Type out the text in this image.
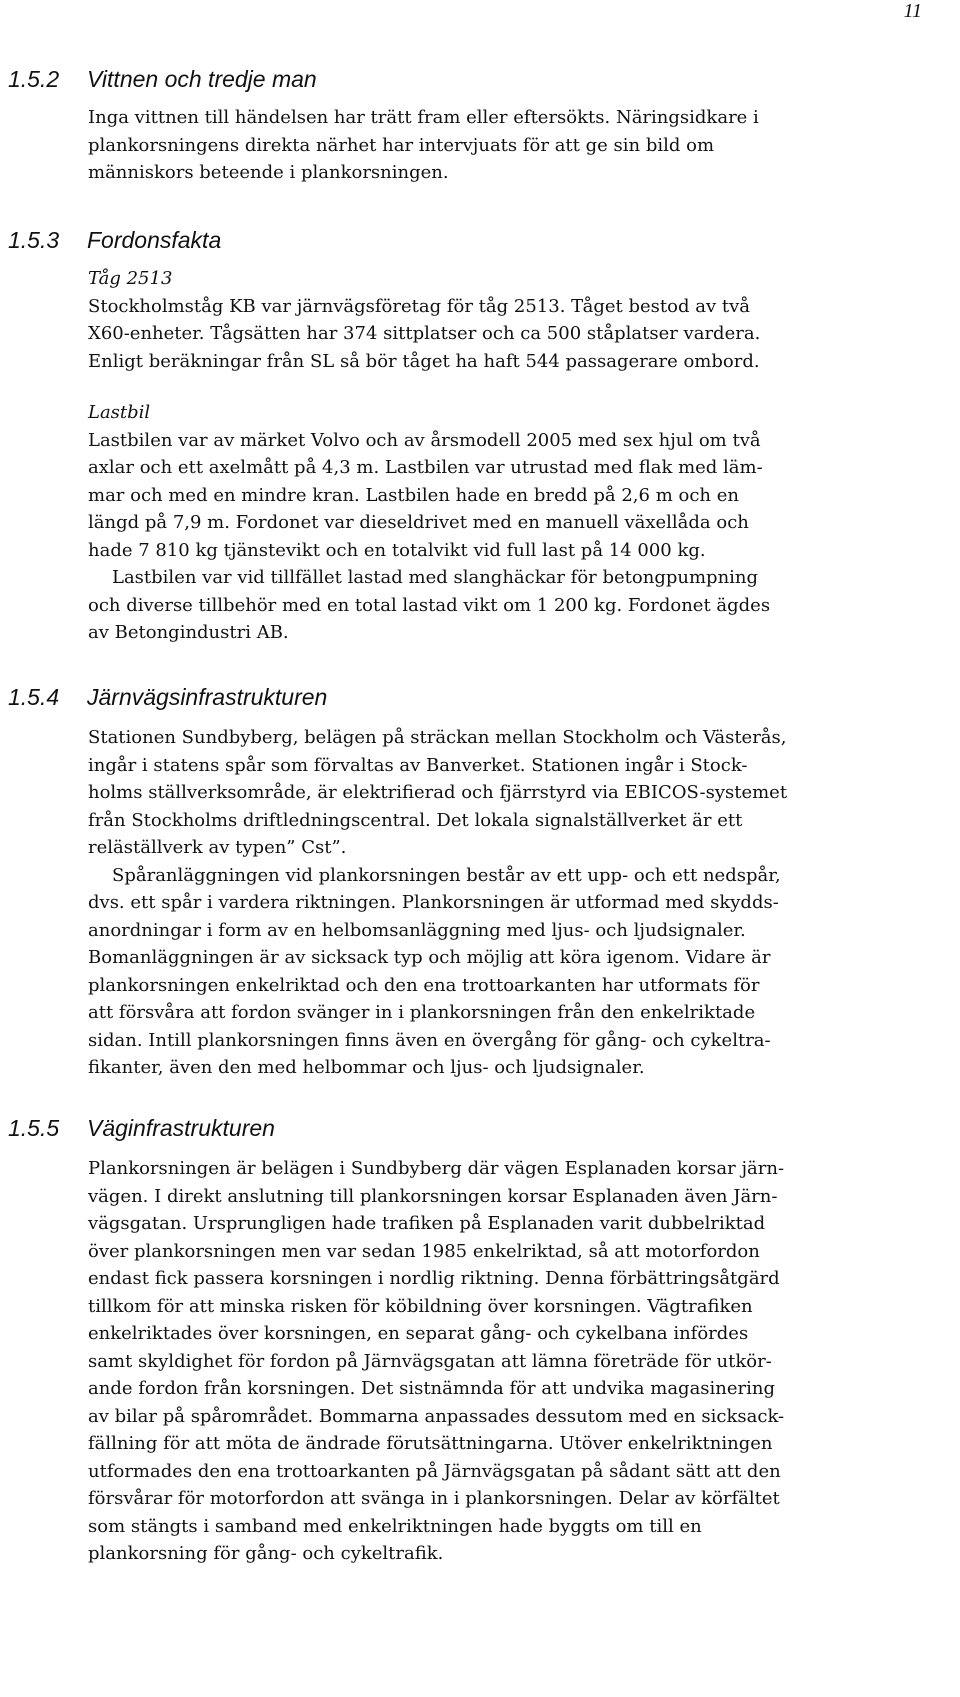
11
1.5.2 Vittnen och tredje man
Inga vittnen till händelsen har trätt fram eller eftersökts. Näringsidkare i
plankorsningens direkta närhet har intervjuats för att ge sin bild om
människors beteende i plankorsningen.
1.5.3 Fordonsfakta
Tåg 2513
Stockholmståg KB var järnvägsföretag för tåg 2513. Tåget bestod av två
X60-enheter. Tågsätten har 374 sittplatser och ca 500 ståplatser vardera.
Enligt beräkningar från SL så bör tåget ha haft 544 passagerare ombord.
Lastbil
Lastbilen var av märket Volvo och av årsmodell 2005 med sex hjul om två
axlar och ett axelmått på 4,3 m. Lastbilen var utrustad med flak med läm-
mar och med en mindre kran. Lastbilen hade en bredd på 2,6 m och en
längd på 7,9 m. Fordonet var dieseldrivet med en manuell växellåda och
hade 7 810 kg tjänstevikt och en totalvikt vid full last på 14 000 kg.
Lastbilen var vid tillfället lastad med slanghäckar för betongpumpning
och diverse tillbehör med en total lastad vikt om 1 200 kg. Fordonet ägdes
av Betongindustri AB.
1.5.4 Järnvägsinfrastrukturen
Stationen Sundbyberg, belägen på sträckan mellan Stockholm och Västerås,
ingår i statens spår som förvaltas av Banverket. Stationen ingår i Stock-
holms ställverksområde, är elektrifierad och fjärrstyrd via EBICOS-systemet
från Stockholms driftledningscentral. Det lokala signalställverket är ett
reläställverk av typen” Cst”.
Spåranläggningen vid plankorsningen består av ett upp- och ett nedspår,
dvs. ett spår i vardera riktningen. Plankorsningen är utformad med skydds-
anordningar i form av en helbomsanläggning med ljus- och ljudsignaler.
Bomanläggningen är av sicksack typ och möjlig att köra igenom. Vidare är
plankorsningen enkelriktad och den ena trottoarkanten har utformats för
att försvåra att fordon svänger in i plankorsningen från den enkelriktade
sidan. Intill plankorsningen finns även en övergång för gång- och cykeltra-
fikanter, även den med helbommar och ljus- och ljudsignaler.
1.5.5 Väginfrastrukturen
Plankorsningen är belägen i Sundbyberg där vägen Esplanaden korsar järn-
vägen. I direkt anslutning till plankorsningen korsar Esplanaden även Järn-
vägsgatan. Ursprungligen hade trafiken på Esplanaden varit dubbelriktad
över plankorsningen men var sedan 1985 enkelriktad, så att motorfordon
endast fick passera korsningen i nordlig riktning. Denna förbättringsåtgärd
tillkom för att minska risken för köbildning över korsningen. Vägtrafiken
enkelriktades över korsningen, en separat gång- och cykelbana infördes
samt skyldighet för fordon på Järnvägsgatan att lämna företräde för utkör-
ande fordon från korsningen. Det sistnämnda för att undvika magasinering
av bilar på spårområdet. Bommarna anpassades dessutom med en sicksack-
fällning för att möta de ändrade förutsättningarna. Utöver enkelriktningen
utformades den ena trottoarkanten på Järnvägsgatan på sådant sätt att den
försvårar för motorfordon att svänga in i plankorsningen. Delar av körfältet
som stängts i samband med enkelriktningen hade byggts om till en
plankorsning för gång- och cykeltrafik.
